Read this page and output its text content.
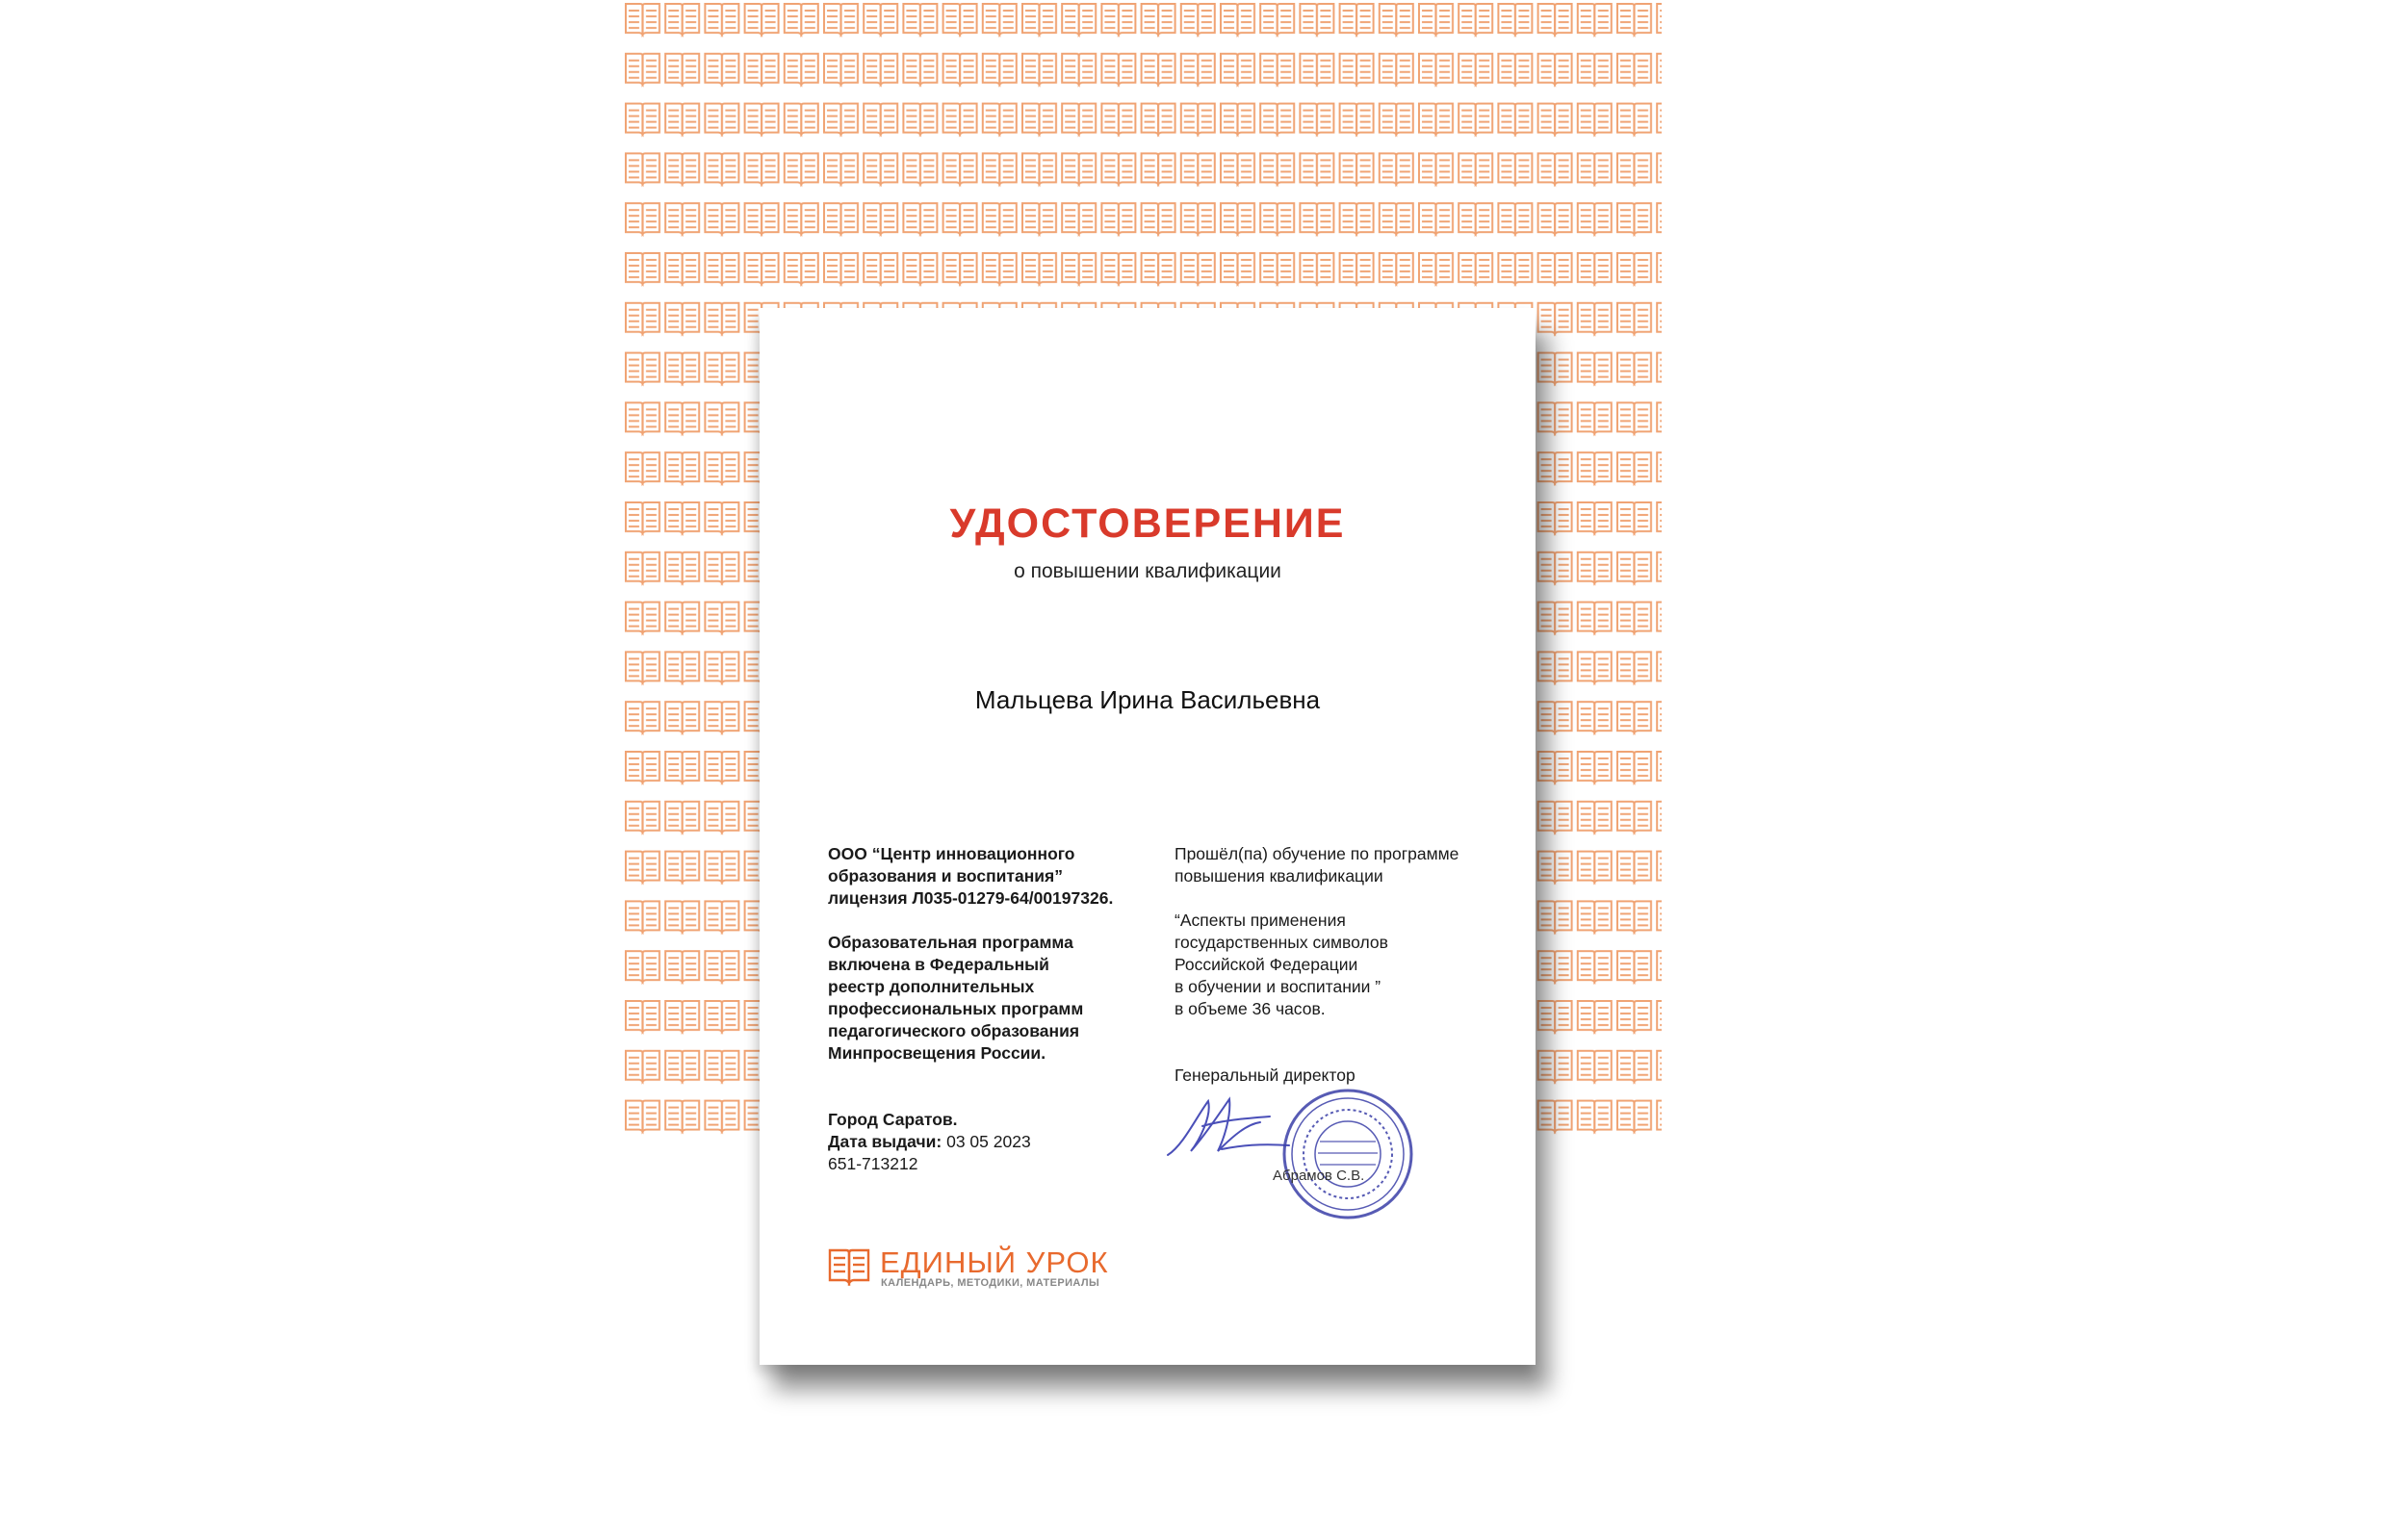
УДОСТОВЕРЕНИЕ
о повышении квалификации
Мальцева Ирина Васильевна
ООО “Центр инновационного
образования и воспитания”
лицензия Л035-01279-64/00197326.
Образовательная программа
включена в Федеральный
реестр дополнительных
профессиональных программ
педагогического образования
Минпросвещения России.
Город Саратов.
Дата выдачи: 03 05 2023
651-713212
Прошёл(па) обучение по программе
повышения квалификации
“Аспекты применения
государственных символов
Российской Федерации
в обучении и воспитании ”
в объеме 36 часов.
Генеральный директор
Абрамов С.В.
ЕДИНЫЙ УРОК
КАЛЕНДАРЬ, МЕТОДИКИ, МАТЕРИАЛЫ
